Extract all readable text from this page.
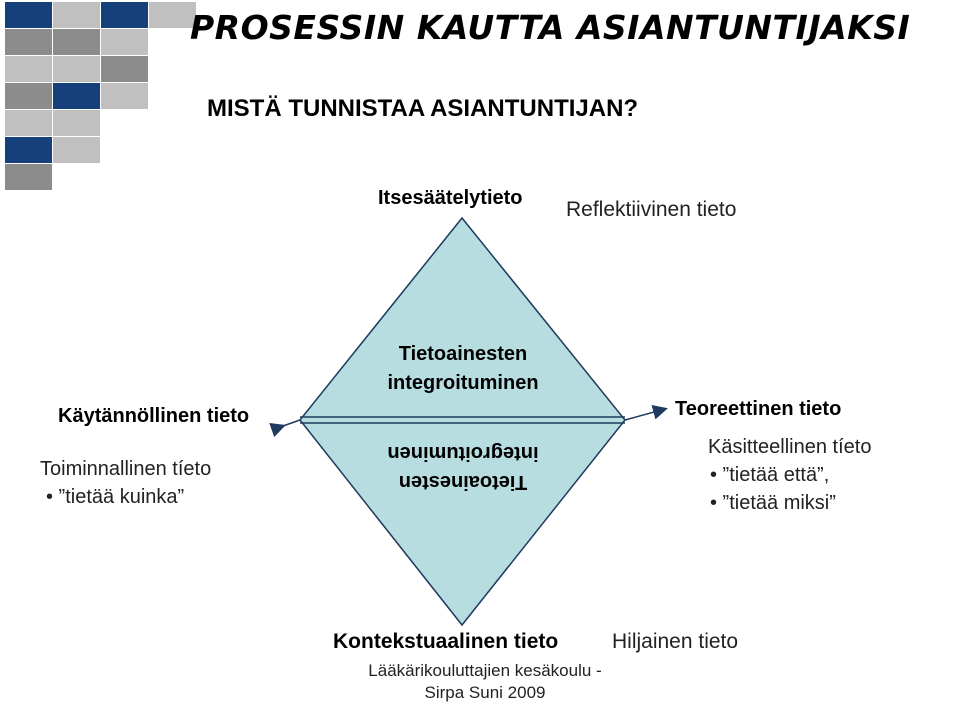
PROSESSIN KAUTTA ASIANTUNTIJAKSI
MISTÄ TUNNISTAA ASIANTUNTIJAN?
Itsesäätelytieto Reflektiivinen tieto
Tietoainesten
integroituminen
integroituminen
Tietoainesten
Käytännöllinen tieto
Toiminnallinen tíeto
• ”tietää kuinka”
Teoreettinen tieto
Käsitteellinen tíeto
• ”tietää että”,
• ”tietää miksi”
Kontekstuaalinen tieto	Hiljainen tieto
Lääkärikouluttajien kesäkoulu -
Sirpa Suni 2009
